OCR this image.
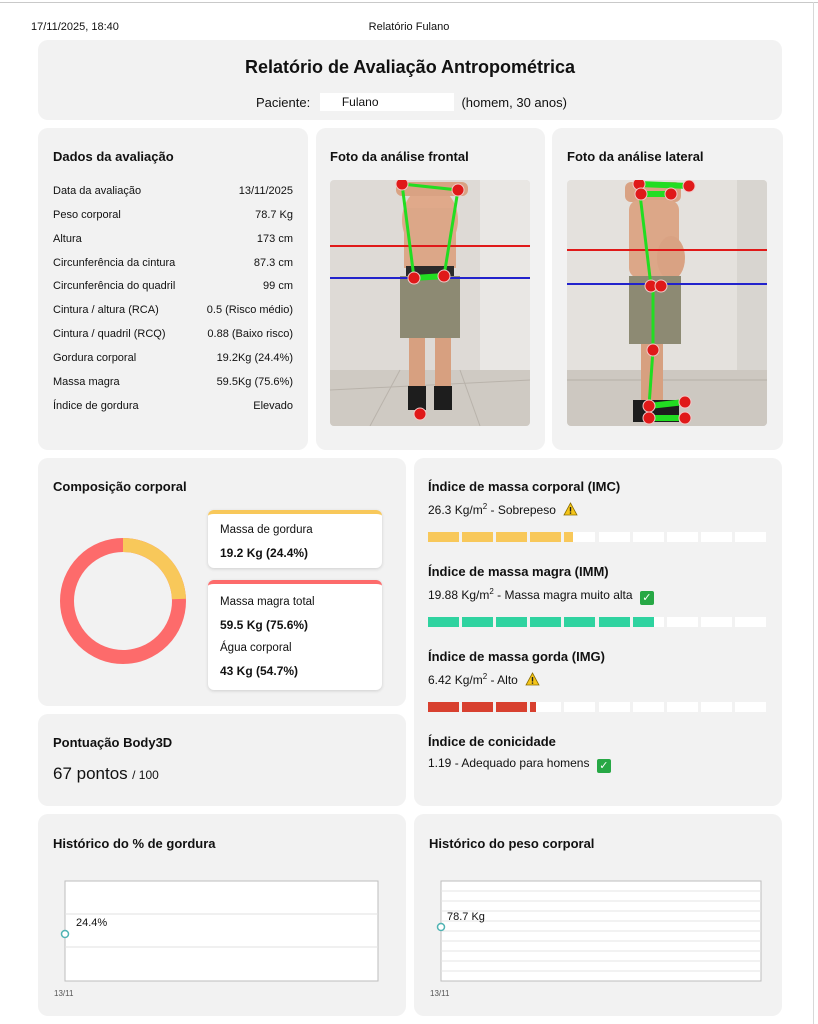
17/11/2025, 18:40	Relatório Fulano
Relatório de Avaliação Antropométrica
Paciente:	Fulano	(homem, 30 anos)
Dados da avaliação
Data da avaliação	13/11/2025
Peso corporal	78.7 Kg
Altura	173 cm
Circunferência da cintura	87.3 cm
Circunferência do quadril	99 cm
Cintura / altura (RCA)	0.5 (Risco médio)
Cintura / quadril (RCQ)	0.88 (Baixo risco)
Gordura corporal	19.2Kg (24.4%)
Massa magra	59.5Kg (75.6%)
Índice de gordura	Elevado
Foto da análise frontal	Foto da análise lateral
Composição corporal
Massa de gordura
19.2 Kg (24.4%)
Massa magra total
59.5 Kg (75.6%)
Água corporal
43 Kg (54.7%)
Pontuação Body3D
67 pontos / 100
Índice de massa corporal (IMC)
26.3 $Kg/m^2$ - Sobrepeso
Índice de massa magra (IMM)
19.88 $Kg/m^2$ - Massa magra muito alta ✓
Índice de massa gorda (IMG)
6.42 $Kg/m^2$ - Alto
Índice de conicidade
1.19 - Adequado para homens ✓
Histórico do % de gordura
24.4%
13/11
Histórico do peso corporal
78.7 Kg
13/11
